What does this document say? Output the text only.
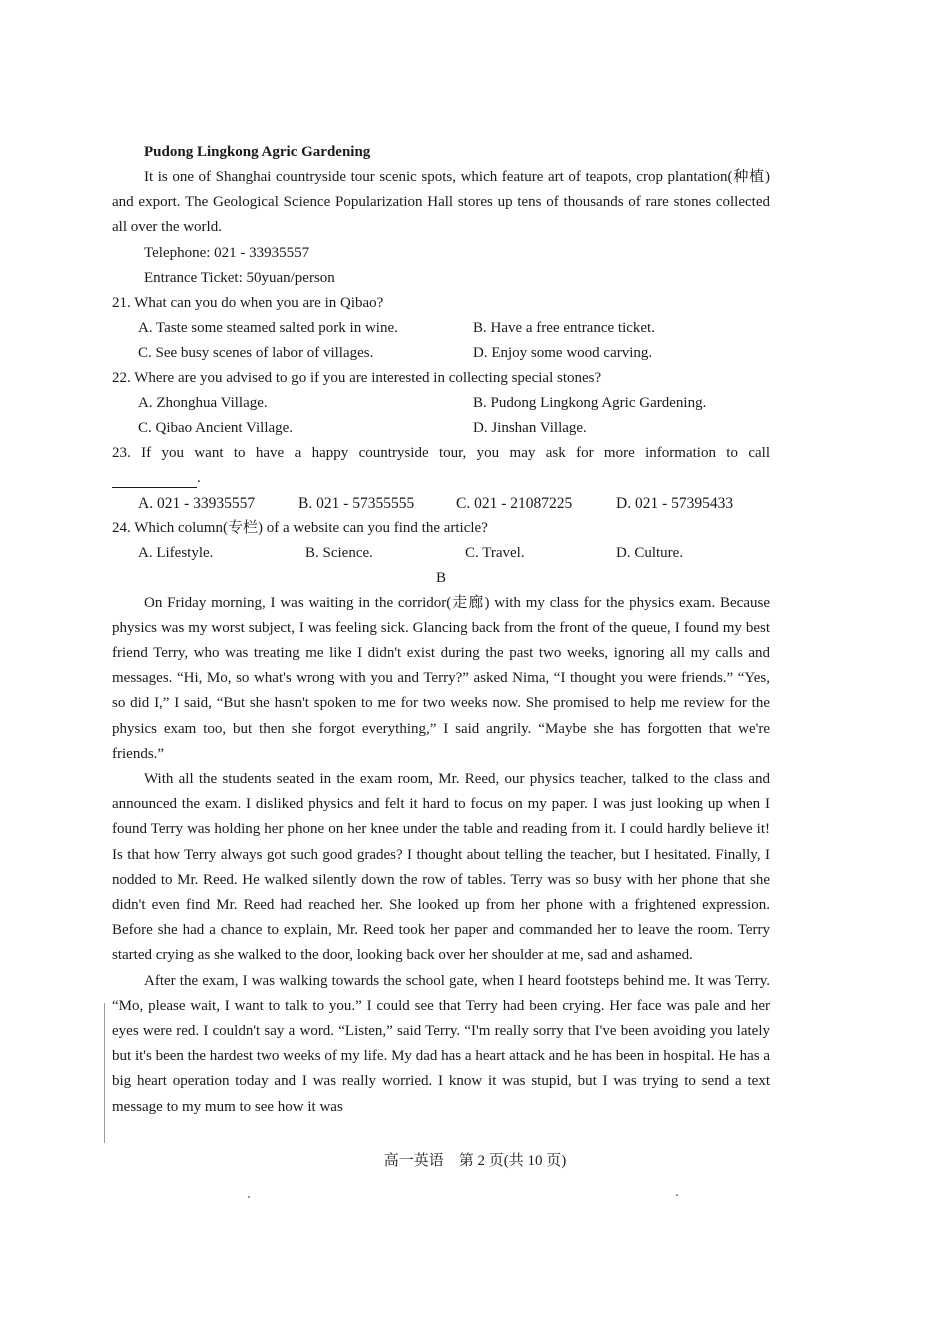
Pudong Lingkong Agric Gardening

It is one of Shanghai countryside tour scenic spots, which feature art of teapots, crop plantation(种植) and export. The Geological Science Popularization Hall stores up tens of thousands of rare stones collected all over the world.

Telephone: 021 - 33935557
Entrance Ticket: 50yuan/person

21. What can you do when you are in Qibao?

A. Taste some steamed salted pork in wine.	B. Have a free entrance ticket.
C. See busy scenes of labor of villages.	D. Enjoy some wood carving.

22. Where are you advised to go if you are interested in collecting special stones?

A. Zhonghua Village.	B. Pudong Lingkong Agric Gardening.
C. Qibao Ancient Village.	D. Jinshan Village.

23. If you want to have a happy countryside tour, you may ask for more information to call

.
A. 021 - 33935557	B. 021 - 57355555	C. 021 - 21087225	D. 021 - 57395433

24. Which column(专栏) of a website can you find the article?

A. Lifestyle.	B. Science.	C. Travel.	D. Culture.
B

On Friday morning, I was waiting in the corridor(走廊) with my class for the physics exam. Because physics was my worst subject, I was feeling sick. Glancing back from the front of the queue, I found my best friend Terry, who was treating me like I didn't exist during the past two weeks, ignoring all my calls and messages. “Hi, Mo, so what's wrong with you and Terry?” asked Nima, “I thought you were friends.” “Yes, so did I,” I said, “But she hasn't spoken to me for two weeks now. She promised to help me review for the physics exam too, but then she forgot everything,” I said angrily. “Maybe she has forgotten that we're friends.”

With all the students seated in the exam room, Mr. Reed, our physics teacher, talked to the class and announced the exam. I disliked physics and felt it hard to focus on my paper. I was just looking up when I found Terry was holding her phone on her knee under the table and reading from it. I could hardly believe it! Is that how Terry always got such good grades? I thought about telling the teacher, but I hesitated. Finally, I nodded to Mr. Reed. He walked silently down the row of tables. Terry was so busy with her phone that she didn't even find Mr. Reed had reached her. She looked up from her phone with a frightened expression. Before she had a chance to explain, Mr. Reed took her paper and commanded her to leave the room. Terry started crying as she walked to the door, looking back over her shoulder at me, sad and ashamed.

After the exam, I was walking towards the school gate, when I heard footsteps behind me. It was Terry. “Mo, please wait, I want to talk to you.” I could see that Terry had been crying. Her face was pale and her eyes were red. I couldn't say a word. “Listen,” said Terry. “I'm really sorry that I've been avoiding you lately but it's been the hardest two weeks of my life. My dad has a heart attack and he has been in hospital. He has a big heart operation today and I was really worried. I know it was stupid, but I was trying to send a text message to my mum to see how it was

高一英语　第 2 页(共 10 页)
